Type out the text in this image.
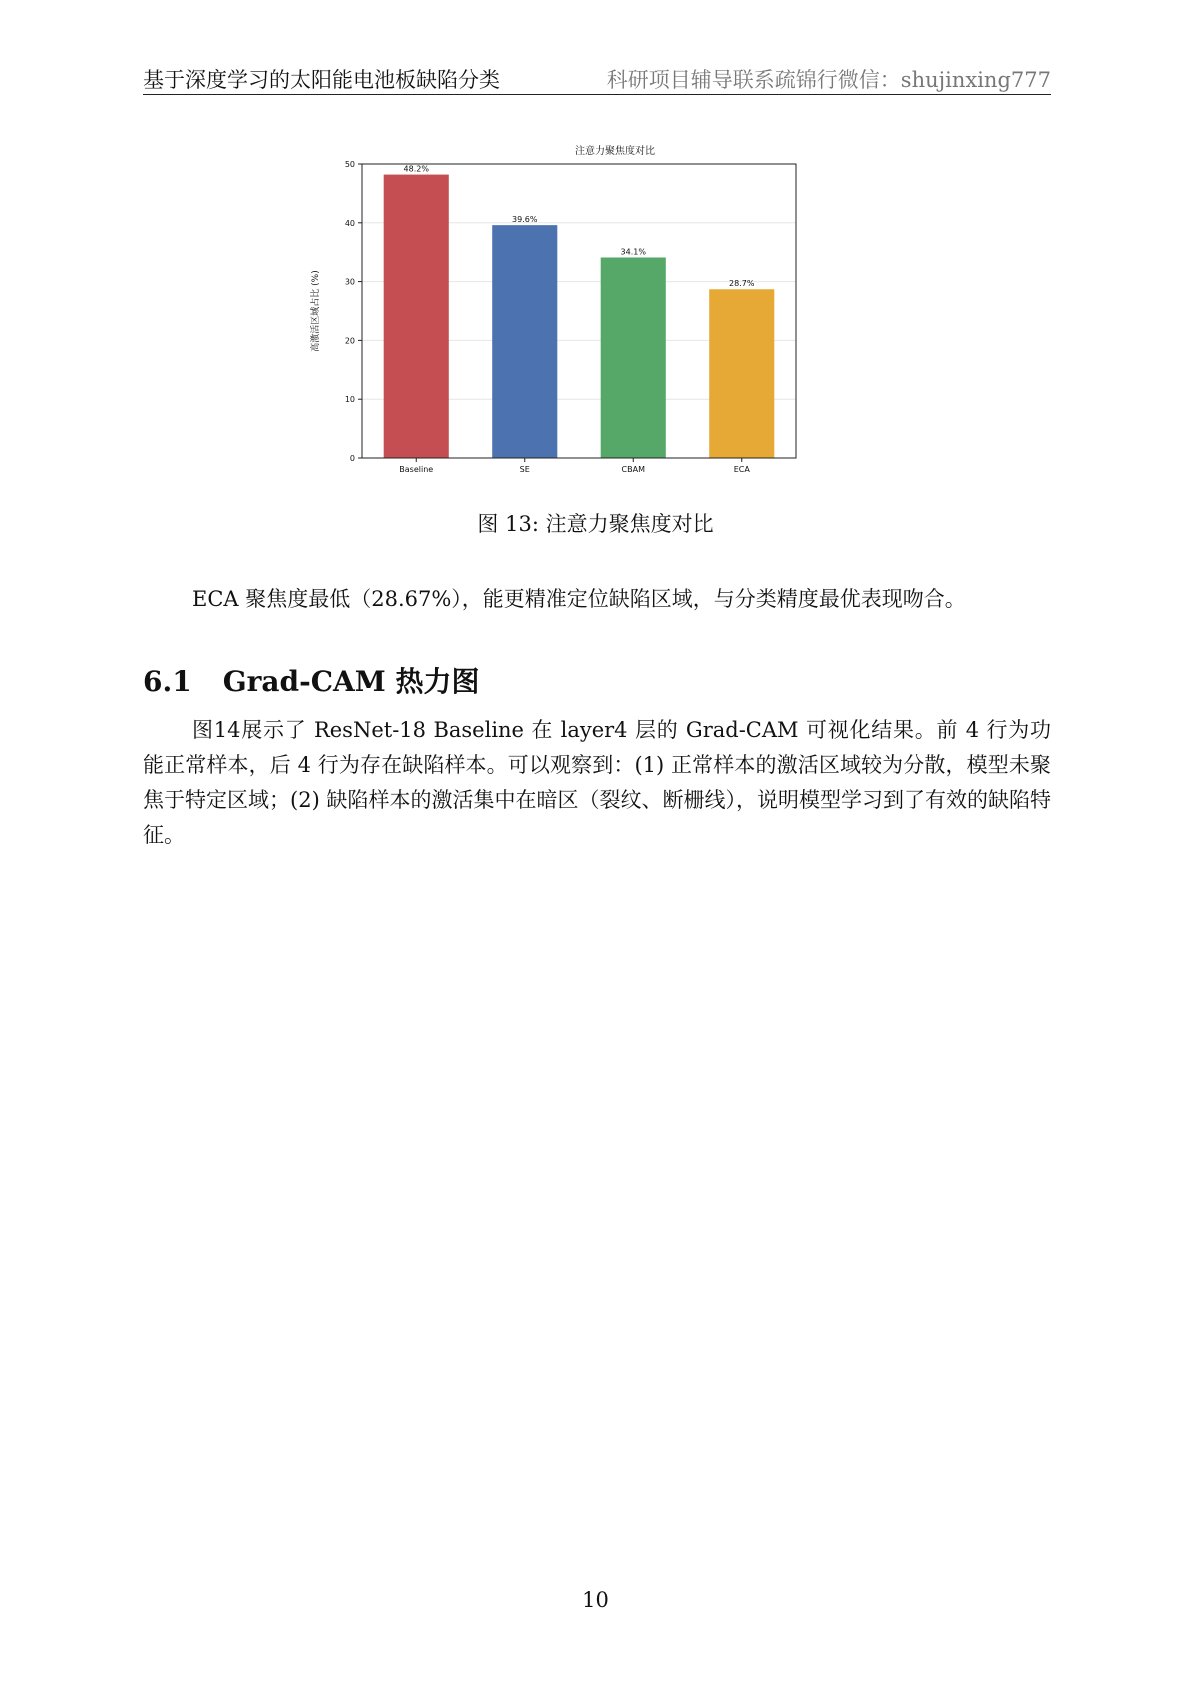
基于深度学习的太阳能电池板缺陷分类	科研项目辅导联系疏锦行微信：shujinxing777
注意力聚焦度对比
48.2%
39.6%
34.1%
28.7%
0
10
20
30
40
50
Baseline	SE	CBAM	ECA
高激活区域占比 (%)
图 13: 注意力聚焦度对比
ECA 聚焦度最低（28.67%），能更精准定位缺陷区域，与分类精度最优表现吻合。
6.1 Grad-CAM 热力图
图14展示了 ResNet-18 Baseline 在 layer4 层的 Grad-CAM 可视化结果。前 4 行为功能正常样本，后 4 行为存在缺陷样本。可以观察到：(1) 正常样本的激活区域较为分散，模型未聚焦于特定区域；(2) 缺陷样本的激活集中在暗区（裂纹、断栅线），说明模型学习到了有效的缺陷特征。
10
